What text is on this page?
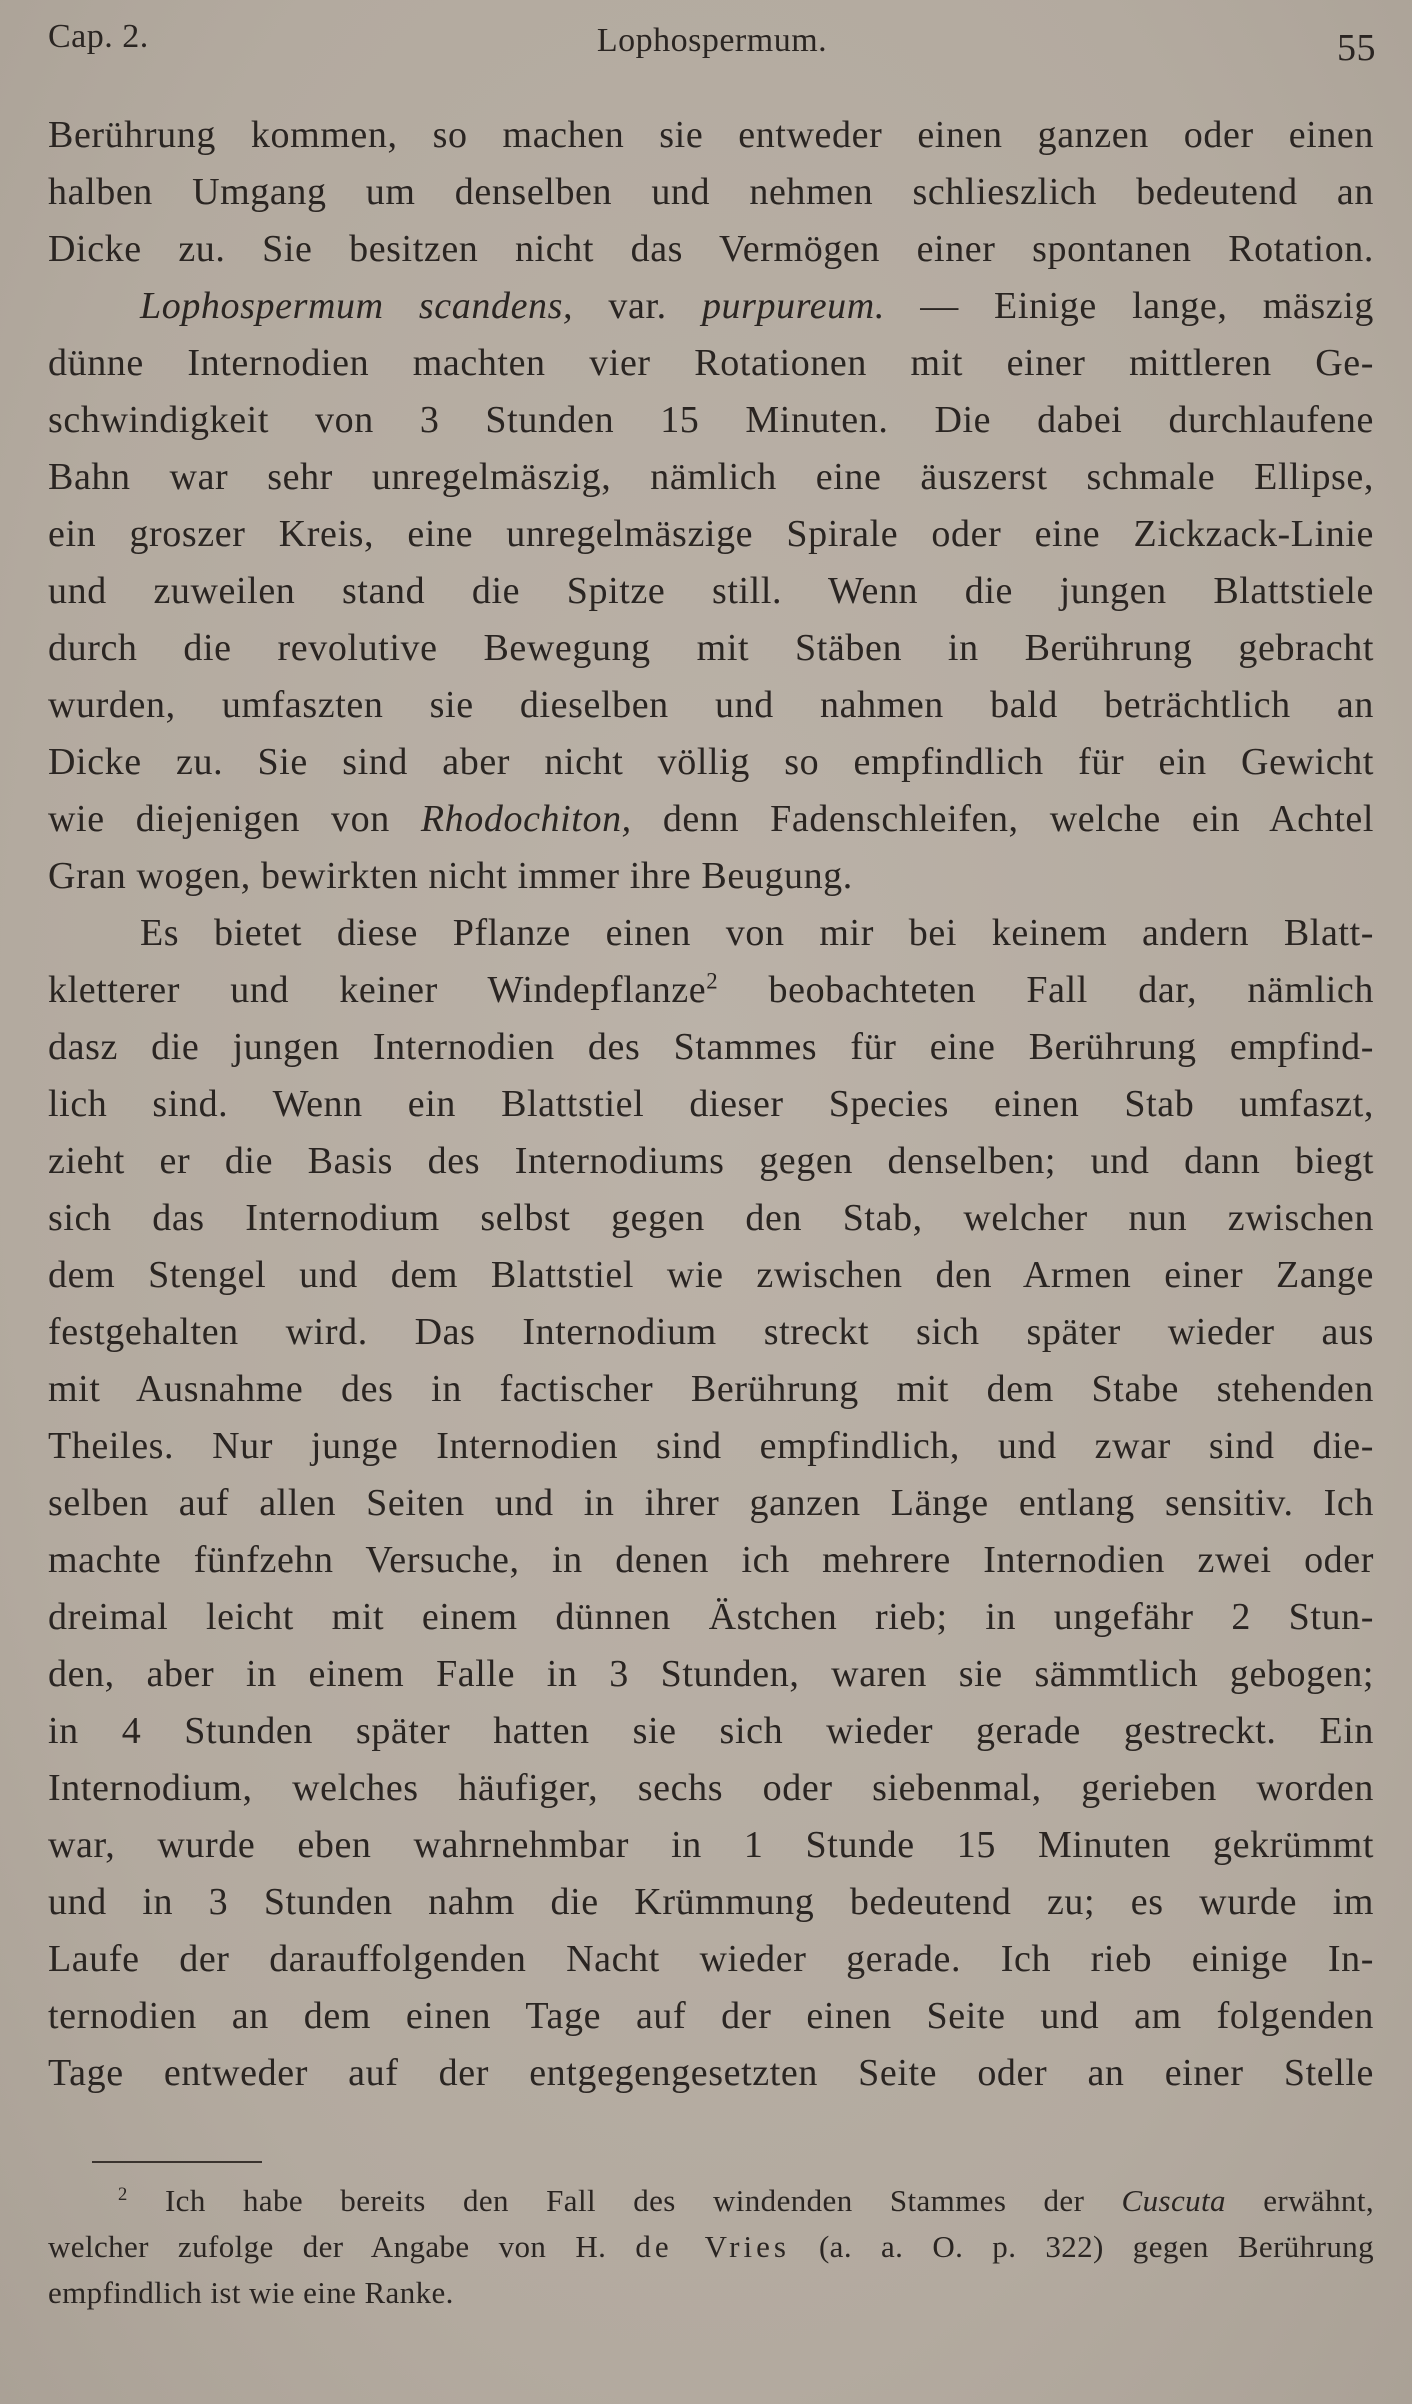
Cap. 2.	Lophospermum.	55
Berührung kommen, so machen sie entweder einen ganzen oder einen
halben Umgang um denselben und nehmen schlieszlich bedeutend an
Dicke zu. Sie besitzen nicht das Vermögen einer spontanen Rotation.
Lophospermum scandens, var. purpureum. — Einige lange, mäszig
dünne Internodien machten vier Rotationen mit einer mittleren Ge-
schwindigkeit von 3 Stunden 15 Minuten. Die dabei durchlaufene
Bahn war sehr unregelmäszig, nämlich eine äuszerst schmale Ellipse,
ein groszer Kreis, eine unregelmäszige Spirale oder eine Zickzack-Linie
und zuweilen stand die Spitze still. Wenn die jungen Blattstiele
durch die revolutive Bewegung mit Stäben in Berührung gebracht
wurden, umfaszten sie dieselben und nahmen bald beträchtlich an
Dicke zu. Sie sind aber nicht völlig so empfindlich für ein Gewicht
wie diejenigen von Rhodochiton, denn Fadenschleifen, welche ein Achtel
Gran wogen, bewirkten nicht immer ihre Beugung.
Es bietet diese Pflanze einen von mir bei keinem andern Blatt-
kletterer und keiner Windepflanze$^2$ beobachteten Fall dar, nämlich
dasz die jungen Internodien des Stammes für eine Berührung empfind-
lich sind. Wenn ein Blattstiel dieser Species einen Stab umfaszt,
zieht er die Basis des Internodiums gegen denselben; und dann biegt
sich das Internodium selbst gegen den Stab, welcher nun zwischen
dem Stengel und dem Blattstiel wie zwischen den Armen einer Zange
festgehalten wird. Das Internodium streckt sich später wieder aus
mit Ausnahme des in factischer Berührung mit dem Stabe stehenden
Theiles. Nur junge Internodien sind empfindlich, und zwar sind die-
selben auf allen Seiten und in ihrer ganzen Länge entlang sensitiv. Ich
machte fünfzehn Versuche, in denen ich mehrere Internodien zwei oder
dreimal leicht mit einem dünnen Ästchen rieb; in ungefähr 2 Stun-
den, aber in einem Falle in 3 Stunden, waren sie sämmtlich gebogen;
in 4 Stunden später hatten sie sich wieder gerade gestreckt. Ein
Internodium, welches häufiger, sechs oder siebenmal, gerieben worden
war, wurde eben wahrnehmbar in 1 Stunde 15 Minuten gekrümmt
und in 3 Stunden nahm die Krümmung bedeutend zu; es wurde im
Laufe der darauffolgenden Nacht wieder gerade. Ich rieb einige In-
ternodien an dem einen Tage auf der einen Seite und am folgenden
Tage entweder auf der entgegengesetzten Seite oder an einer Stelle
$^2$ Ich habe bereits den Fall des windenden Stammes der Cuscuta erwähnt,
welcher zufolge der Angabe von H. de Vries (a. a. O. p. 322) gegen Berührung
empfindlich ist wie eine Ranke.
